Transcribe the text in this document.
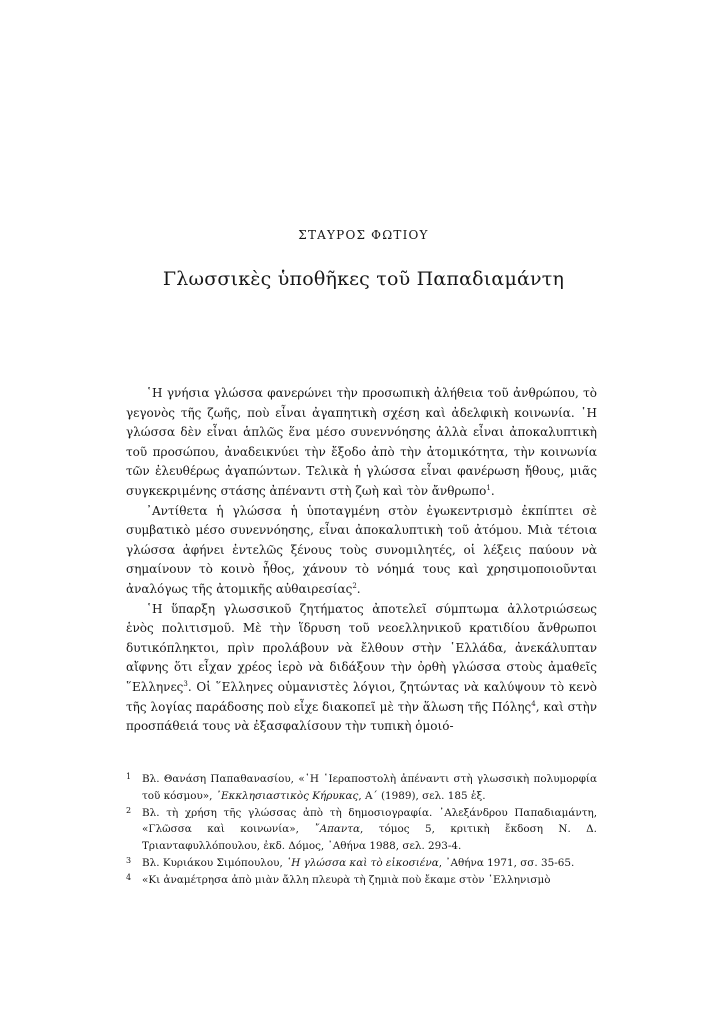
ΣΤΑΥΡΟΣ ΦΩΤΙΟΥ
Γλωσσικὲς ὑποθῆκες τοῦ Παπαδιαμάντη

῾Η γνήσια γλώσσα φανερώνει τὴν προσωπικὴ ἀλήθεια τοῦ ἀνθρώπου, τὸ γεγονὸς τῆς ζωῆς, ποὺ εἶναι ἀγαπητικὴ σχέση καὶ ἀδελφικὴ κοινωνία. ῾Η γλώσσα δὲν εἶναι ἁπλῶς ἕνα μέσο συνεννόησης ἀλλὰ εἶναι ἀποκαλυπτικὴ τοῦ προσώπου, ἀναδεικνύει τὴν ἔξοδο ἀπὸ τὴν ἀτομικότητα, τὴν κοινωνία τῶν ἐλευθέρως ἀγαπώντων. Τελικὰ ἡ γλώσσα εἶναι φανέρωση ἤθους, μιᾶς συγκεκριμένης στάσης ἀπέναντι στὴ ζωὴ καὶ τὸν ἄνθρωπο$^1$.

᾿Αντίθετα ἡ γλώσσα ἡ ὑποταγμένη στὸν ἐγωκεντρισμὸ ἐκπίπτει σὲ συμβατικὸ μέσο συνεννόησης, εἶναι ἀποκαλυπτικὴ τοῦ ἀτόμου. Μιὰ τέτοια γλώσσα ἀφήνει ἐντελῶς ξένους τοὺς συνομιλητές, οἱ λέξεις παύουν νὰ σημαίνουν τὸ κοινὸ ἦθος, χάνουν τὸ νόημά τους καὶ χρησιμοποιοῦνται ἀναλόγως τῆς ἀτομικῆς αὐθαιρεσίας$^2$.

῾Η ὕπαρξη γλωσσικοῦ ζητήματος ἀποτελεῖ σύμπτωμα ἀλλοτριώσεως ἑνὸς πολιτισμοῦ. Μὲ τὴν ἵδρυση τοῦ νεοελληνικοῦ κρατιδίου ἄνθρωποι δυτικόπληκτοι, πρὶν προλάβουν νὰ ἔλθουν στὴν ῾Ελλάδα, ἀνεκάλυπταν αἴφνης ὅτι εἶχαν χρέος ἱερὸ νὰ διδάξουν τὴν ὀρθὴ γλώσσα στοὺς ἀμαθεῖς ῞Ελληνες$^3$. Οἱ ῞Ελληνες οὑμανιστὲς λόγιοι, ζητώντας νὰ καλύψουν τὸ κενὸ τῆς λογίας παράδοσης ποὺ εἶχε διακοπεῖ μὲ τὴν ἅλωση τῆς Πόλης$^4$, καὶ στὴν προσπάθειά τους νὰ ἐξασφαλίσουν τὴν τυπικὴ ὁμοιό-

1 Βλ. Θανάση Παπαθανασίου, «῾Η ῾Ιεραποστολὴ ἀπέναντι στὴ γλωσσικὴ πολυμορφία τοῦ κόσμου», ᾿Εκκλησιαστικὸς Κήρυκας, Α΄ (1989), σελ. 185 ἑξ.
2 Βλ. τὴ χρήση τῆς γλώσσας ἀπὸ τὴ δημοσιογραφία. ᾿Αλεξάνδρου Παπαδιαμάντη, «Γλῶσσα καὶ κοινωνία», ῎Απαντα, τόμος 5, κριτικὴ ἔκδοση Ν. Δ. Τριανταφυλλόπουλου, ἐκδ. Δόμος, ᾿Αθήνα 1988, σελ. 293-4.
3 Βλ. Κυριάκου Σιμόπουλου, ῾Η γλώσσα καὶ τὸ εἰκοσιένα, ᾿Αθήνα 1971, σσ. 35-65.
4 «Κι ἀναμέτρησα ἀπὸ μιὰν ἄλλη πλευρὰ τὴ ζημιὰ ποὺ ἔκαμε στὸν ῾Ελληνισμὸ
